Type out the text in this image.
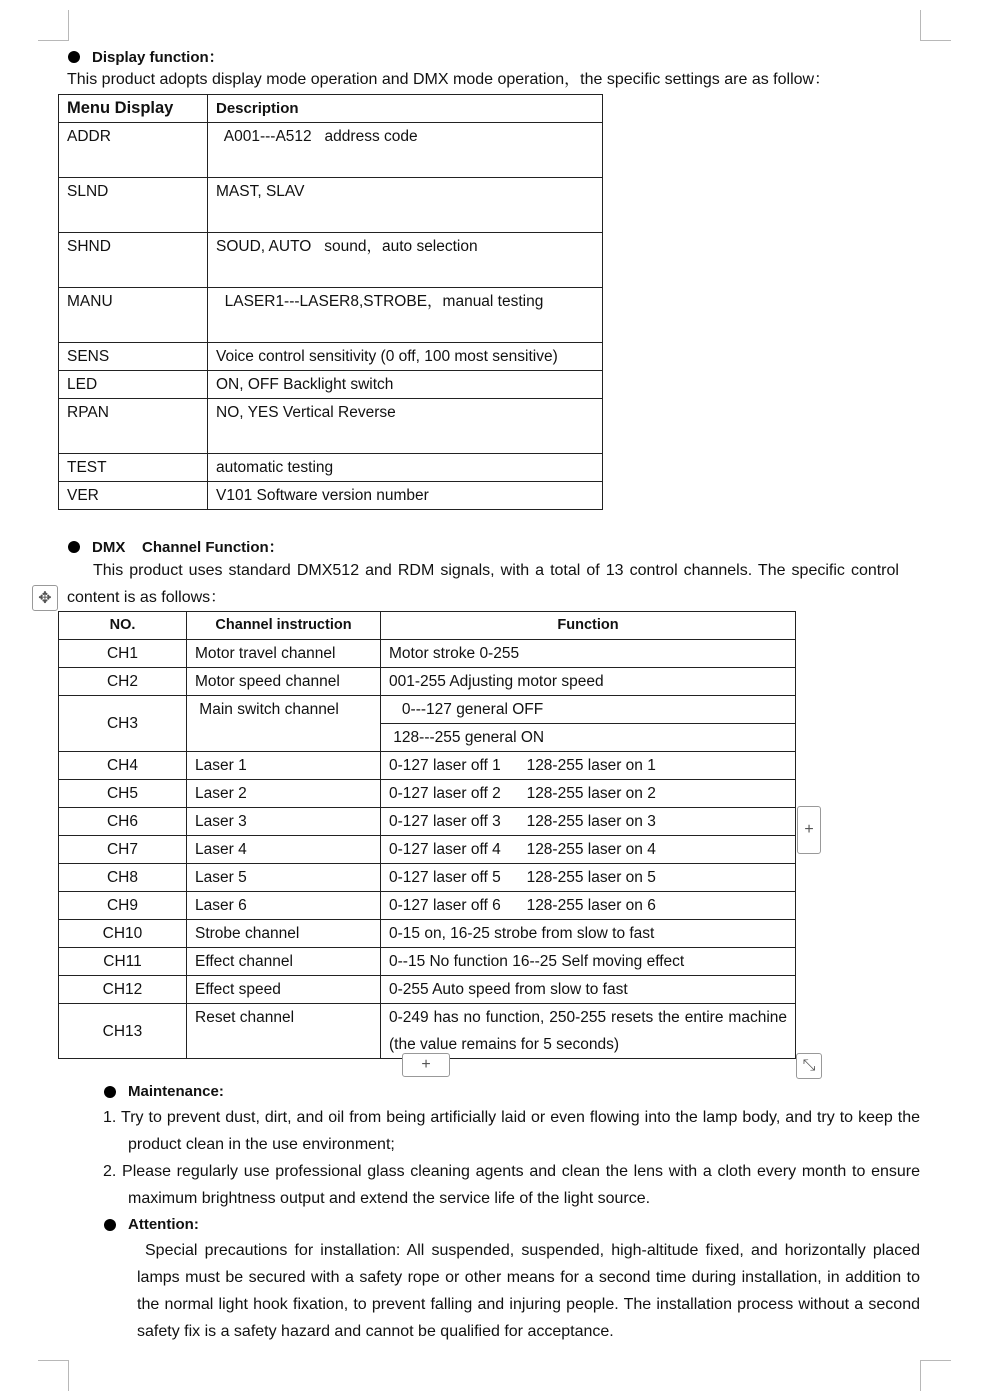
Display function：
This product adopts display mode operation and DMX mode operation，the specific settings are as follow：
Menu Display	Description
ADDR	A001---A512   address code
SLND	MAST, SLAV
SHND	SOUD, AUTO   sound，auto selection
MANU	LASER1---LASER8,STROBE，manual testing
SENS	Voice control sensitivity (0 off, 100 most sensitive)
LED	ON, OFF Backlight switch
RPAN	NO, YES Vertical Reverse
TEST	automatic testing
VER	V101 Software version number
DMX    Channel Function：
This product uses standard DMX512 and RDM signals, with a total of 13 control channels. The specific control
content is as follows：
✥
NO.	Channel instruction	Function
CH1	Motor travel channel	Motor stroke 0-255
CH2	Motor speed channel	001-255 Adjusting motor speed
CH3	Main switch channel	0---127 general OFF
		128---255 general ON
CH4	Laser 1	0-127 laser off 1      128-255 laser on 1
CH5	Laser 2	0-127 laser off 2      128-255 laser on 2
CH6	Laser 3	0-127 laser off 3      128-255 laser on 3
CH7	Laser 4	0-127 laser off 4      128-255 laser on 4
CH8	Laser 5	0-127 laser off 5      128-255 laser on 5
CH9	Laser 6	0-127 laser off 6      128-255 laser on 6
CH10	Strobe channel	0-15 on, 16-25 strobe from slow to fast
CH11	Effect channel	0--15 No function 16--25 Self moving effect
CH12	Effect speed	0-255 Auto speed from slow to fast
CH13	Reset channel	0-249 has no function, 250-255 resets the entire machine (the value remains for 5 seconds)
+
+	⤡
Maintenance:
1. Try to prevent dust, dirt, and oil from being artificially laid or even flowing into the lamp body, and try to keep the product clean in the use environment;
2. Please regularly use professional glass cleaning agents and clean the lens with a cloth every month to ensure maximum brightness output and extend the service life of the light source.
Attention:
Special precautions for installation: All suspended, suspended, high-altitude fixed, and horizontally placed lamps must be secured with a safety rope or other means for a second time during installation, in addition to the normal light hook fixation, to prevent falling and injuring people. The installation process without a second safety fix is a safety hazard and cannot be qualified for acceptance.
